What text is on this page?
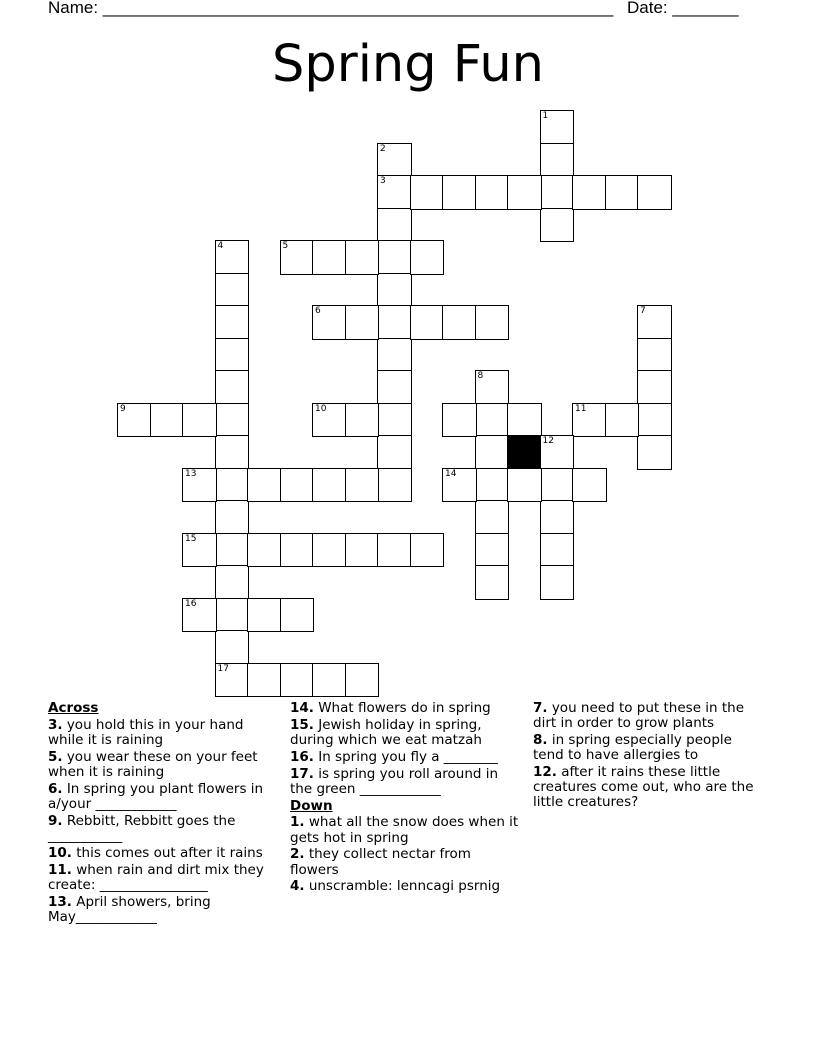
Name: ______________________________________________________ Date: _______
Spring Fun
1
2
3
4
17
5
6	7
8
9	10	11
12
13	14
15
16
Across
3. you hold this in your hand while it is raining
5. you wear these on your feet when it is raining
6. In spring you plant flowers in a/your ____________
9. Rebbitt, Rebbitt goes the ___________
10. this comes out after it rains
11. when rain and dirt mix they create: ________________
13. April showers, bring May____________
14. What flowers do in spring
15. Jewish holiday in spring, during which we eat matzah
16. In spring you fly a ________
17. is spring you roll around in the green ____________
Down
1. what all the snow does when it gets hot in spring
2. they collect nectar from flowers
4. unscramble: lenncagi psrnig
7. you need to put these in the dirt in order to grow plants
8. in spring especially people tend to have allergies to
12. after it rains these little creatures come out, who are the little creatures?
